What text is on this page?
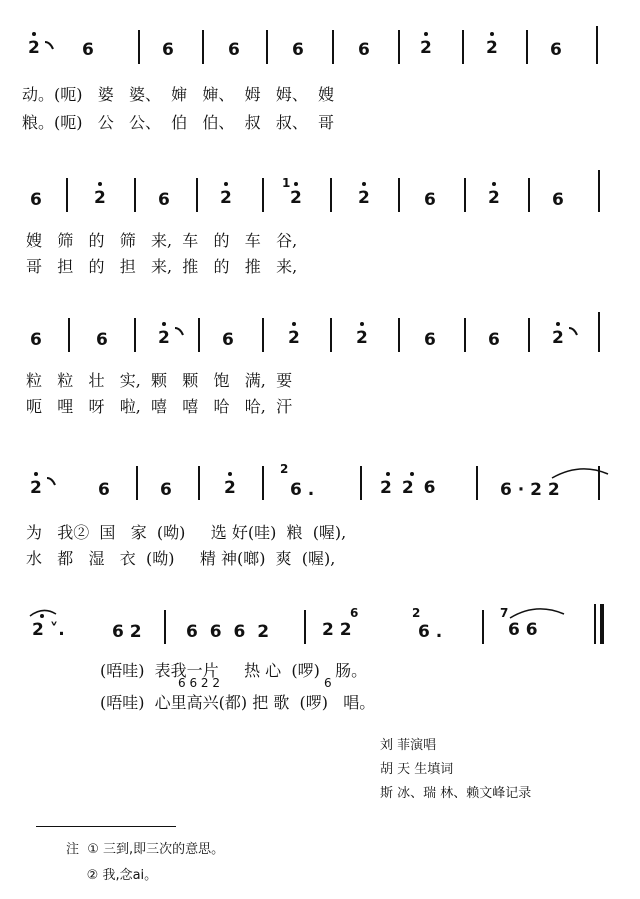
2 6	6	6	6	6	2	2	6
动。(呃)   婆   婆、  婶   婶、  姆   姆、  嫂
粮。(呃)   公   公、  伯   伯、  叔   叔、  哥
6	2	6	2
1
2	2	6	2	6
嫂   筛   的   筛   来,  车   的   车   谷,
哥   担   的   担   来,  推   的   推   来,
6	6	2	6	2	2	6	6	2
粒   粒   壮   实,  颗   颗   饱   满,  要
呃   哩   呀   啦,  嘻   嘻   哈   哈,  汗
2	6	6	2
2
6 .	226	6 · 2 2
为   我②  国   家  (呦)     选 好(哇)  粮  (喔),
水   都   湿   衣  (呦)     精 神(啷)  爽  (喔),
2 ˅.	6 2	6 6 6 2	2 2
6	2
6 .
7
6 6
(唔哇)  表我一片     热 心  (啰)   肠。
6 6 2 2	6
(唔哇)  心里高兴(都) 把 歌  (啰)   唱。
刘 菲演唱
胡 天 生填词
斯 冰、瑞 林、赖文峰记录
注  ① 三到,即三次的意思。
② 我,念ai。
